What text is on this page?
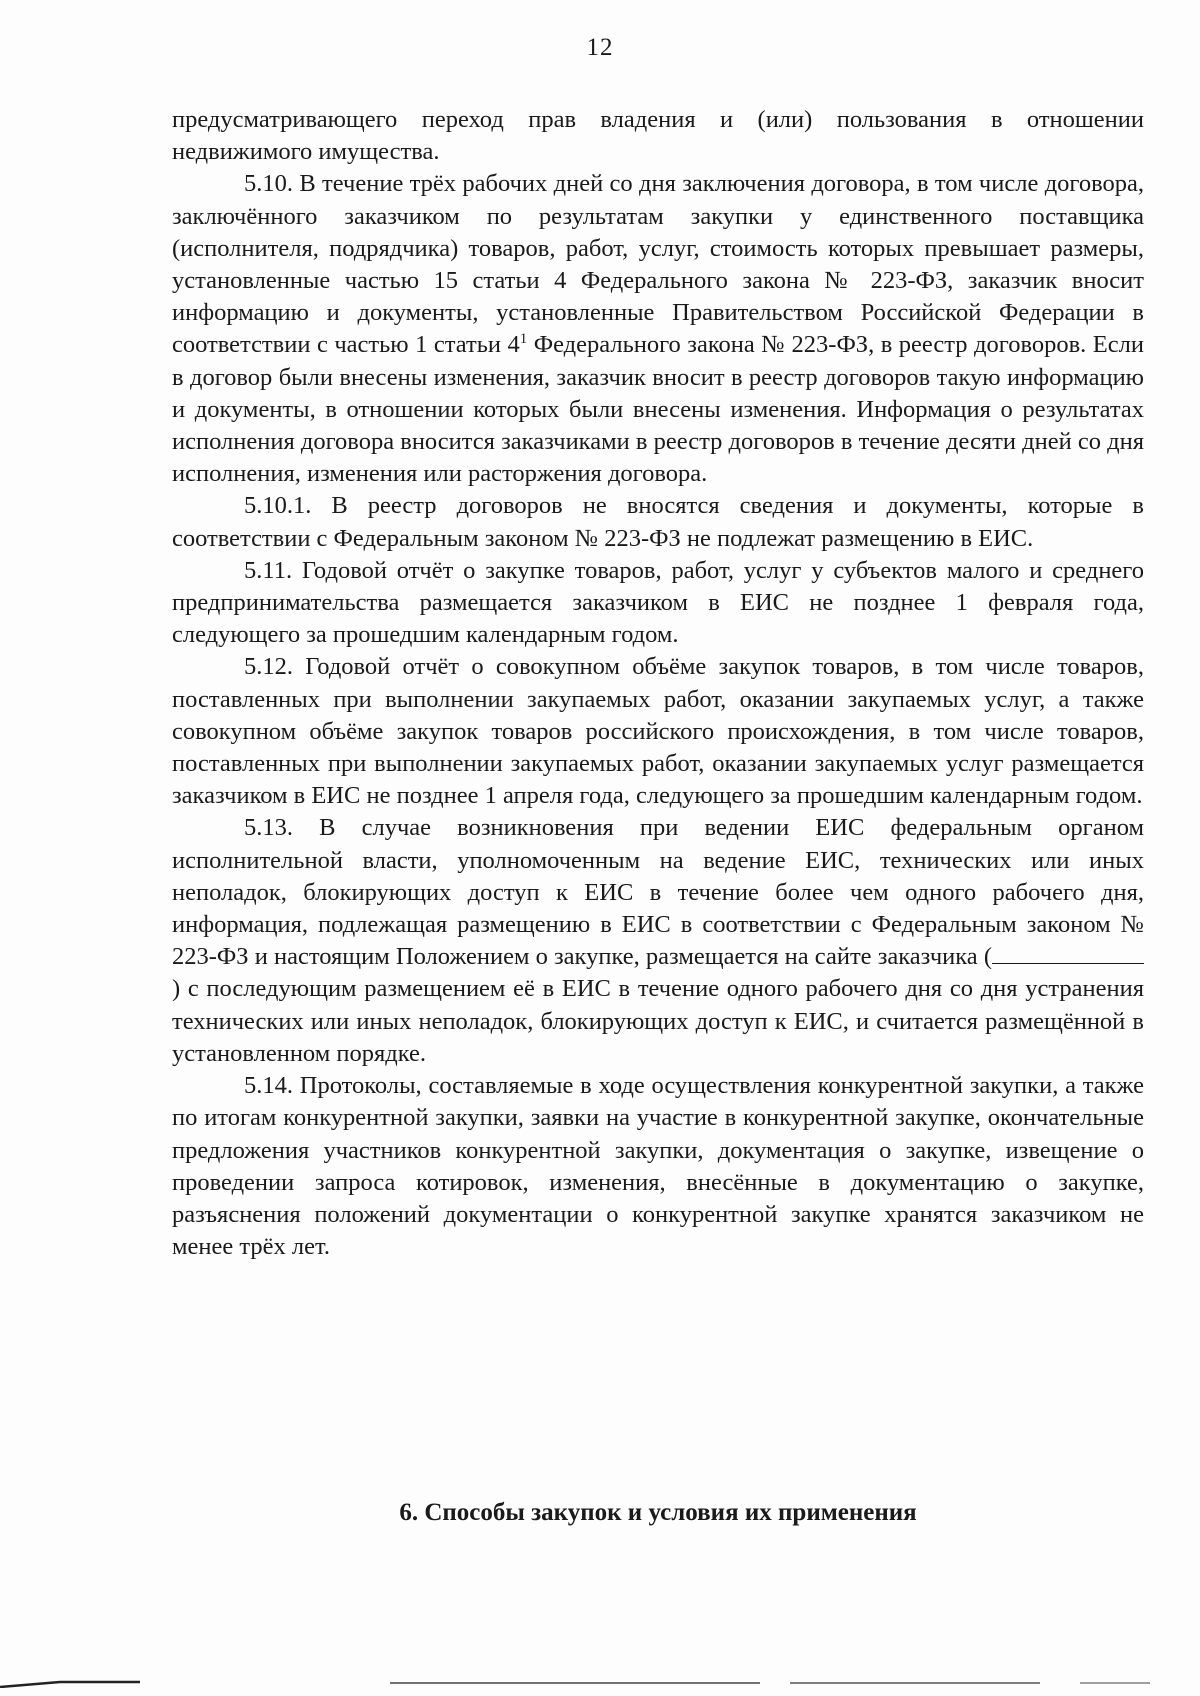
12

предусматривающего переход прав владения и (или) пользования в отношении недвижимого имущества.

5.10. В течение трёх рабочих дней со дня заключения договора, в том числе договора, заключённого заказчиком по результатам закупки у единственного поставщика (исполнителя, подрядчика) товаров, работ, услуг, стоимость которых превышает размеры, установленные частью 15 статьи 4 Федерального закона № 223-ФЗ, заказчик вносит информацию и документы, установленные Правительством Российской Федерации в соответствии с частью 1 статьи $4^1$ Федерального закона № 223-ФЗ, в реестр договоров. Если в договор были внесены изменения, заказчик вносит в реестр договоров такую информацию и документы, в отношении которых были внесены изменения. Информация о результатах исполнения договора вносится заказчиками в реестр договоров в течение десяти дней со дня исполнения, изменения или расторжения договора.

5.10.1. В реестр договоров не вносятся сведения и документы, которые в соответствии с Федеральным законом № 223-ФЗ не подлежат размещению в ЕИС.

5.11. Годовой отчёт о закупке товаров, работ, услуг у субъектов малого и среднего предпринимательства размещается заказчиком в ЕИС не позднее 1 февраля года, следующего за прошедшим календарным годом.

5.12. Годовой отчёт о совокупном объёме закупок товаров, в том числе товаров, поставленных при выполнении закупаемых работ, оказании закупаемых услуг, а также совокупном объёме закупок товаров российского происхождения, в том числе товаров, поставленных при выполнении закупаемых работ, оказании закупаемых услуг размещается заказчиком в ЕИС не позднее 1 апреля года, следующего за прошедшим календарным годом.

5.13. В случае возникновения при ведении ЕИС федеральным органом исполнительной власти, уполномоченным на ведение ЕИС, технических или иных неполадок, блокирующих доступ к ЕИС в течение более чем одного рабочего дня, информация, подлежащая размещению в ЕИС в соответствии с Федеральным законом № 223-ФЗ и настоящим Положением о закупке, размещается на сайте заказчика () с последующим размещением её в ЕИС в течение одного рабочего дня со дня устранения технических или иных неполадок, блокирующих доступ к ЕИС, и считается размещённой в установленном порядке.

5.14. Протоколы, составляемые в ходе осуществления конкурентной закупки, а также по итогам конкурентной закупки, заявки на участие в конкурентной закупке, окончательные предложения участников конкурентной закупки, документация о закупке, извещение о проведении запроса котировок, изменения, внесённые в документацию о закупке, разъяснения положений документации о конкурентной закупке хранятся заказчиком не менее трёх лет.

6. Способы закупок и условия их применения
